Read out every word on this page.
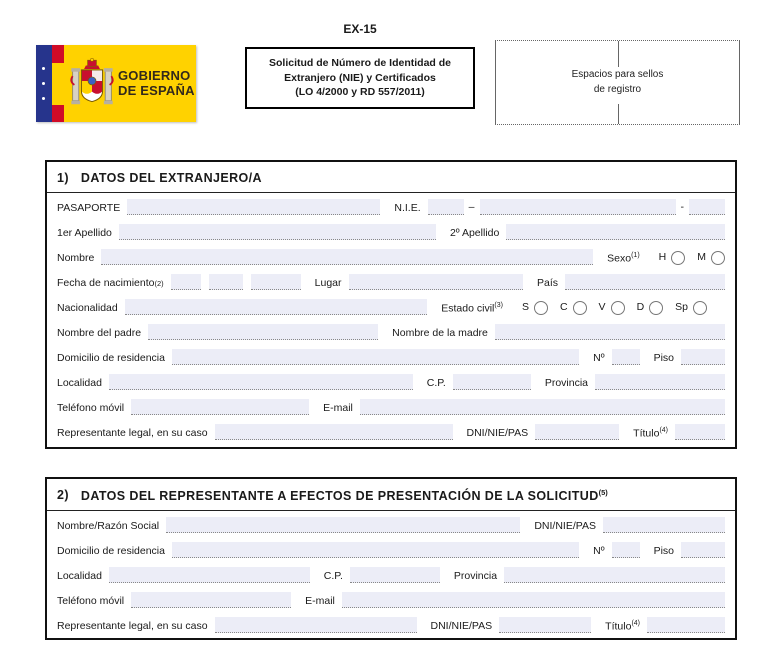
GOBIERNO
DE ESPAÑA
EX-15
Solicitud de Número de Identidad de
Extranjero (NIE) y Certificados
(LO 4/2000 y RD 557/2011)
Espacios para sellos
de registro
1) DATOS DEL EXTRANJERO/A
PASAPORTE	N.I.E.	–	-
1er Apellido	2º Apellido
Nombre	Sexo$^{(1)}$ H	M
Fecha de nacimiento(2)	Lugar	País
Nacionalidad	Estado civil$^{(3)}$ S	C	V	D	Sp
Nombre del padre	Nombre de la madre
Domicilio de residencia	Nº	Piso
Localidad	C.P.	Provincia
Teléfono móvil	E-mail
Representante legal, en su caso	DNI/NIE/PAS	Título$^{(4)}$
2) DATOS DEL REPRESENTANTE A EFECTOS DE PRESENTACIÓN DE LA SOLICITUD$^{(5)}$
Nombre/Razón Social	DNI/NIE/PAS
Domicilio de residencia	Nº	Piso
Localidad	C.P.	Provincia
Teléfono móvil	E-mail
Representante legal, en su caso	DNI/NIE/PAS	Título$^{(4)}$
